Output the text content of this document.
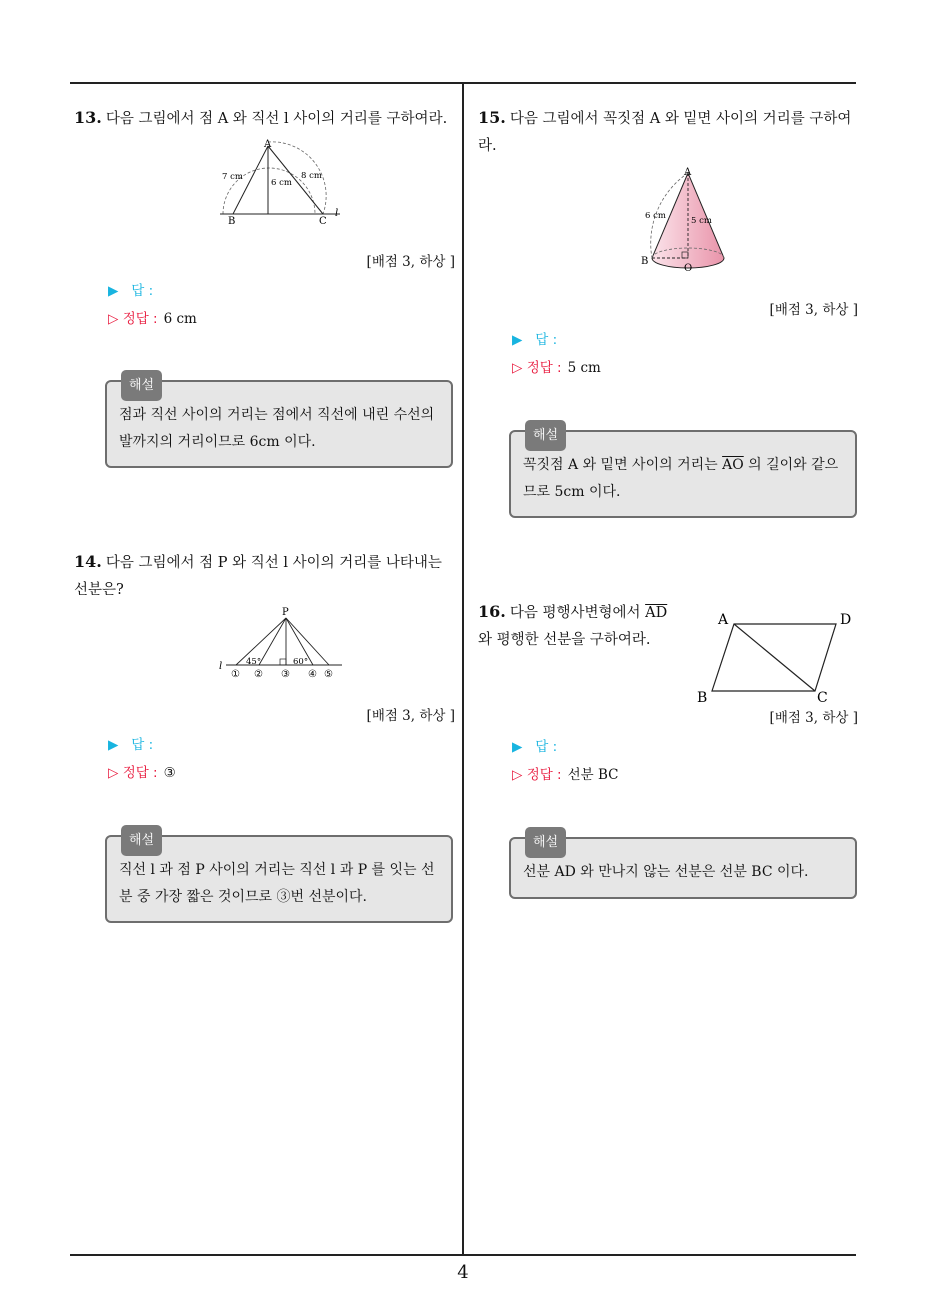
4
13. 다음 그림에서 점 A 와 직선 l 사이의 거리를 구하여라.
A
B	C
l
7 cm
6 cm
8 cm
[배점 3, 하상 ]
▶ 답 :
▷ 정답 : 6 cm
해설
점과 직선 사이의 거리는 점에서 직선에 내린 수선의 발까지의 거리이므로 6cm 이다.
14. 다음 그림에서 점 P 와 직선 l 사이의 거리를 나타내는 선분은?
P
l	45°	60°
① ② ③ ④ ⑤
[배점 3, 하상 ]
▶ 답 :
▷ 정답 : ③
해설
직선 l 과 점 P 사이의 거리는 직선 l 과 P 를 잇는 선분 중 가장 짧은 것이므로 ③번 선분이다.
15. 다음 그림에서 꼭짓점 A 와 밑면 사이의 거리를 구하여라.
A
B
O
6 cm	5 cm
[배점 3, 하상 ]
▶ 답 :
▷ 정답 : 5 cm
해설
꼭짓점 A 와 밑면 사이의 거리는 $\overline{AO}$ 의 길이와 같으므로 5cm 이다.
16. 다음 평행사변형에서 $\overline{AD}$ 와 평행한 선분을 구하여라.
A	D
B	C
[배점 3, 하상 ]
▶ 답 :
▷ 정답 : 선분 BC
해설
선분 AD 와 만나지 않는 선분은 선분 BC 이다.
